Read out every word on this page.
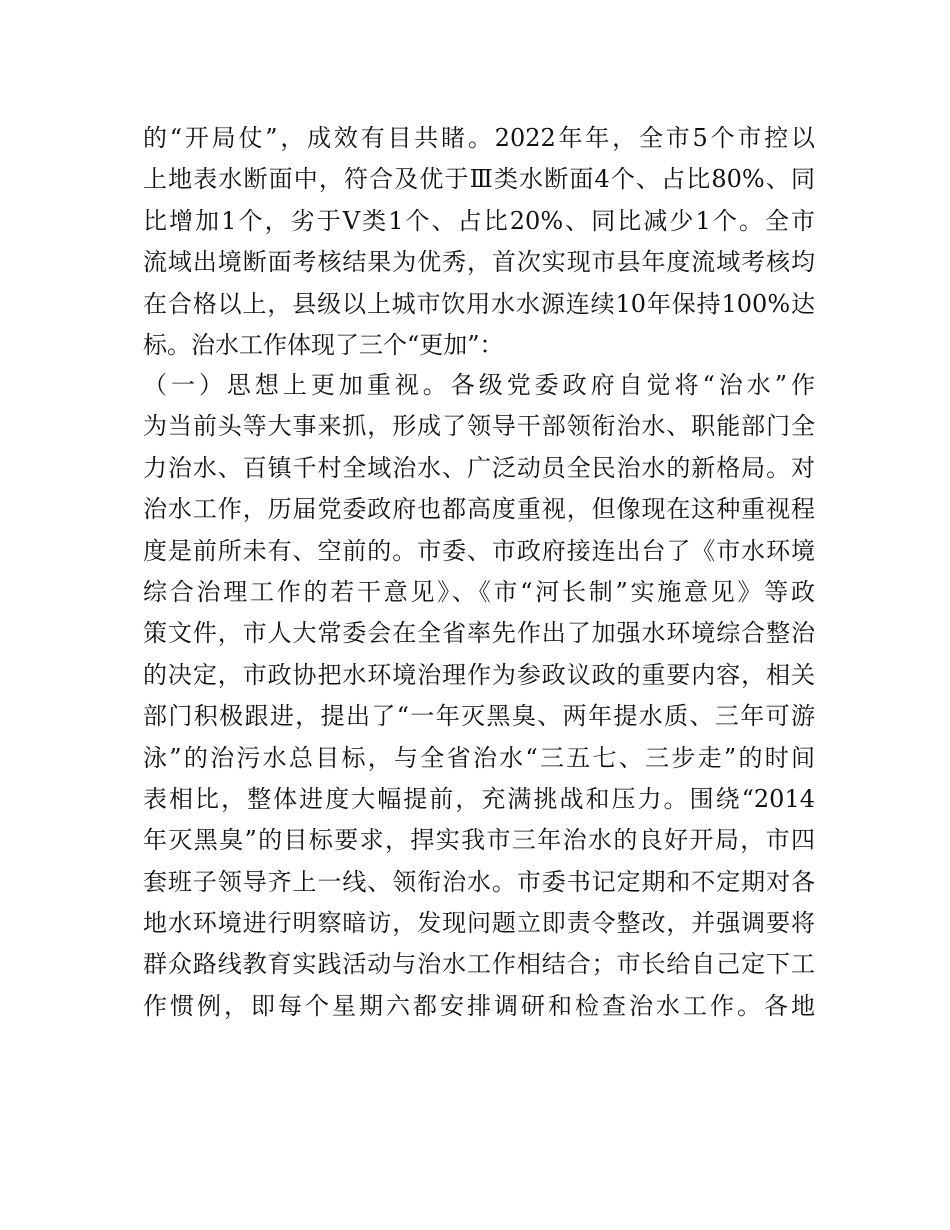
的“开局仗”，成效有目共睹。2022年年，全市5个市控以
上地表水断面中，符合及优于Ⅲ类水断面4个、占比80%、同
比增加1个，劣于Ⅴ类1个、占比20%、同比减少1个。全市
流域出境断面考核结果为优秀，首次实现市县年度流域考核均
在合格以上，县级以上城市饮用水水源连续10年保持100%达
标。治水工作体现了三个“更加”：
（一）思想上更加重视。各级党委政府自觉将“治水”作
为当前头等大事来抓，形成了领导干部领衔治水、职能部门全
力治水、百镇千村全域治水、广泛动员全民治水的新格局。对
治水工作，历届党委政府也都高度重视，但像现在这种重视程
度是前所未有、空前的。市委、市政府接连出台了《市水环境
综合治理工作的若干意见》、《市“河长制”实施意见》等政
策文件，市人大常委会在全省率先作出了加强水环境综合整治
的决定，市政协把水环境治理作为参政议政的重要内容，相关
部门积极跟进，提出了“一年灭黑臭、两年提水质、三年可游
泳”的治污水总目标，与全省治水“三五七、三步走”的时间
表相比，整体进度大幅提前，充满挑战和压力。围绕“2014
年灭黑臭”的目标要求，捍实我市三年治水的良好开局，市四
套班子领导齐上一线、领衔治水。市委书记定期和不定期对各
地水环境进行明察暗访，发现问题立即责令整改，并强调要将
群众路线教育实践活动与治水工作相结合；市长给自己定下工
作惯例，即每个星期六都安排调研和检查治水工作。各地
